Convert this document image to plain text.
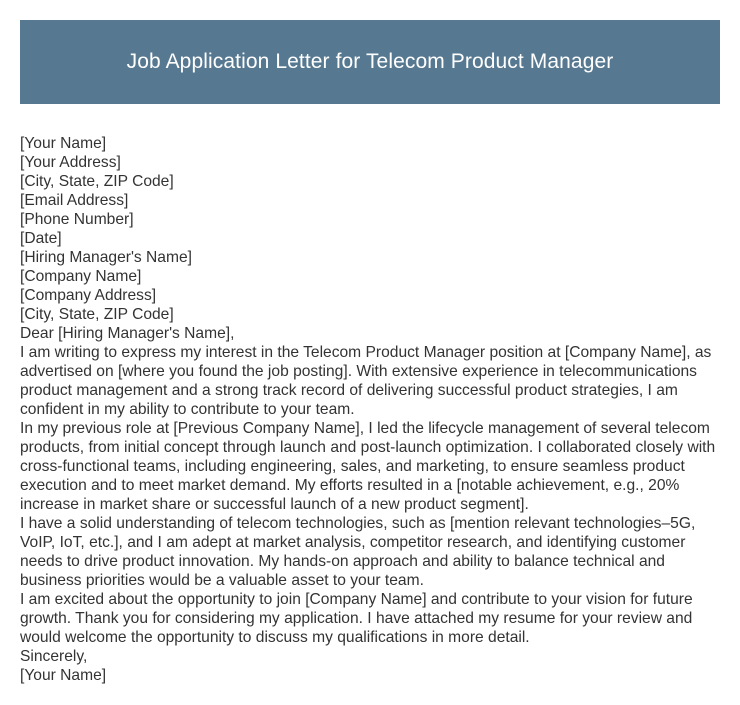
Job Application Letter for Telecom Product Manager

[Your Name]

[Your Address]

[City, State, ZIP Code]

[Email Address]

[Phone Number]

[Date]

[Hiring Manager's Name]

[Company Name]

[Company Address]

[City, State, ZIP Code]

Dear [Hiring Manager's Name],

I am writing to express my interest in the Telecom Product Manager position at [Company Name], as advertised on [where you found the job posting]. With extensive experience in telecommunications product management and a strong track record of delivering successful product strategies, I am confident in my ability to contribute to your team.

In my previous role at [Previous Company Name], I led the lifecycle management of several telecom products, from initial concept through launch and post-launch optimization. I collaborated closely with cross-functional teams, including engineering, sales, and marketing, to ensure seamless product execution and to meet market demand. My efforts resulted in a [notable achievement, e.g., 20% increase in market share or successful launch of a new product segment].

I have a solid understanding of telecom technologies, such as [mention relevant technologies–5G, VoIP, IoT, etc.], and I am adept at market analysis, competitor research, and identifying customer needs to drive product innovation. My hands-on approach and ability to balance technical and business priorities would be a valuable asset to your team.

I am excited about the opportunity to join [Company Name] and contribute to your vision for future growth. Thank you for considering my application. I have attached my resume for your review and would welcome the opportunity to discuss my qualifications in more detail.

Sincerely,

[Your Name]
